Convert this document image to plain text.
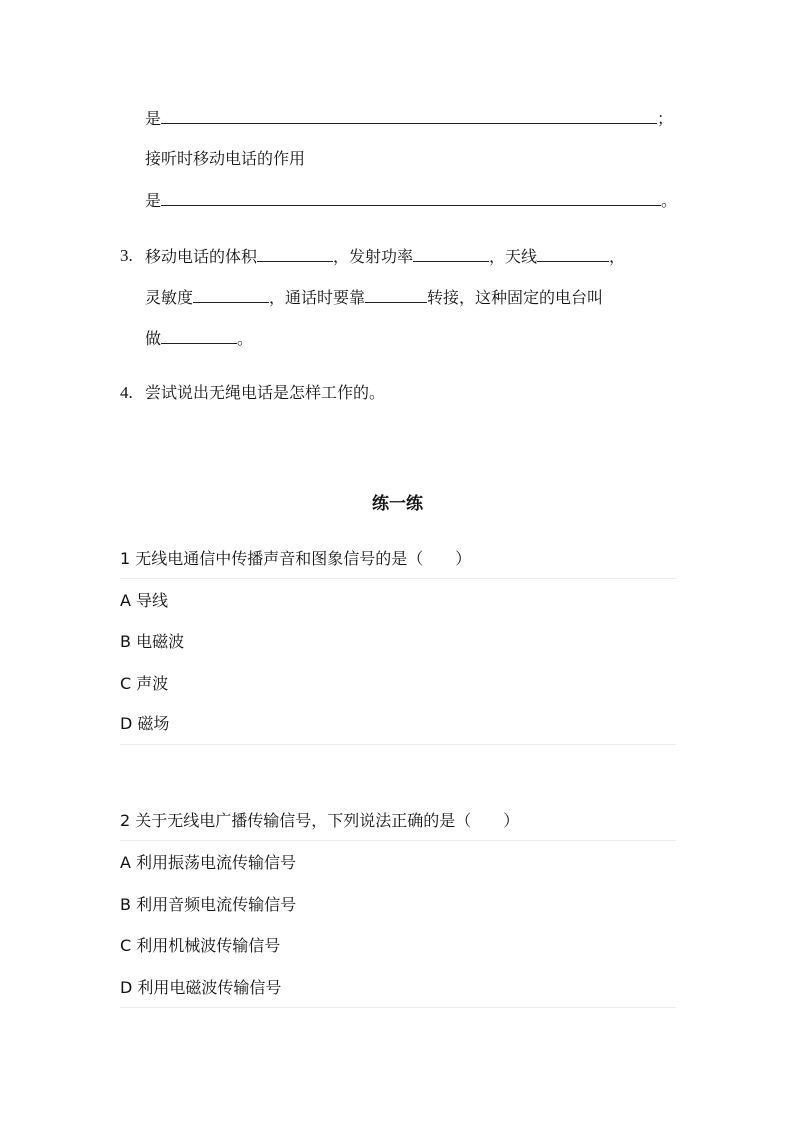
是	；
接听时移动电话的作用
是	。
3. 移动电话的体积	，发射功率	，天线	，
灵敏度	，通话时要靠	转接，这种固定的电台叫
做	。
4. 尝试说出无绳电话是怎样工作的。
练一练
1 无线电通信中传播声音和图象信号的是（　　）
A 导线
B 电磁波
C 声波
D 磁场
2 关于无线电广播传输信号，下列说法正确的是（　　）
A 利用振荡电流传输信号
B 利用音频电流传输信号
C 利用机械波传输信号
D 利用电磁波传输信号
